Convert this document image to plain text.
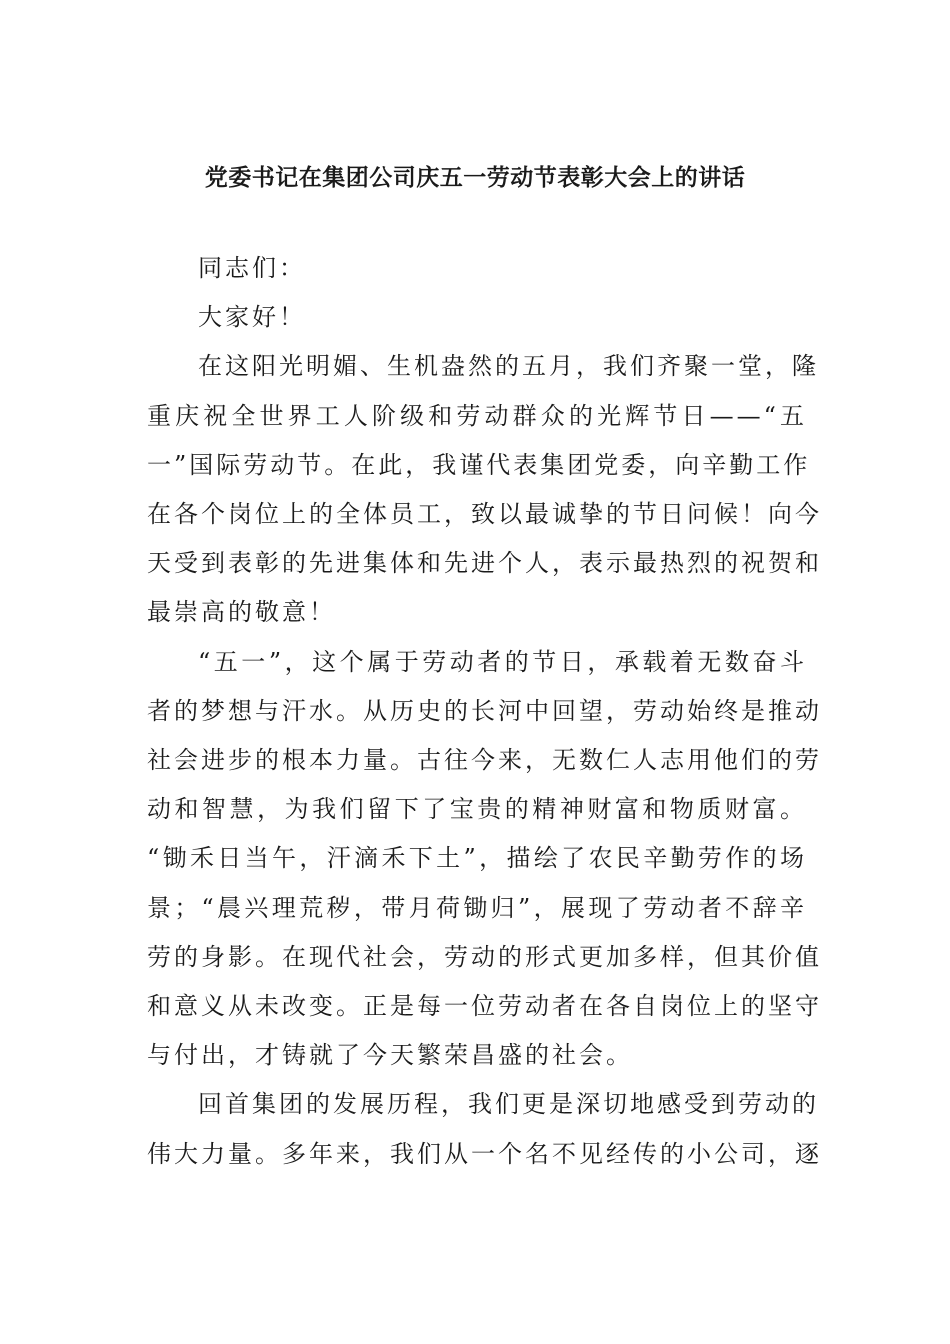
党委书记在集团公司庆五一劳动节表彰大会上的讲话

同志们：

大家好！

在这阳光明媚、生机盎然的五月，我们齐聚一堂，隆
重庆祝全世界工人阶级和劳动群众的光辉节日——“五
一”国际劳动节。在此，我谨代表集团党委，向辛勤工作
在各个岗位上的全体员工，致以最诚挚的节日问候！向今
天受到表彰的先进集体和先进个人，表示最热烈的祝贺和
最崇高的敬意！

“五一”，这个属于劳动者的节日，承载着无数奋斗
者的梦想与汗水。从历史的长河中回望，劳动始终是推动
社会进步的根本力量。古往今来，无数仁人志用他们的劳
动和智慧，为我们留下了宝贵的精神财富和物质财富。
“锄禾日当午，汗滴禾下土”，描绘了农民辛勤劳作的场
景；“晨兴理荒秽，带月荷锄归”，展现了劳动者不辞辛
劳的身影。在现代社会，劳动的形式更加多样，但其价值
和意义从未改变。正是每一位劳动者在各自岗位上的坚守
与付出，才铸就了今天繁荣昌盛的社会。

回首集团的发展历程，我们更是深切地感受到劳动的
伟大力量。多年来，我们从一个名不见经传的小公司，逐
